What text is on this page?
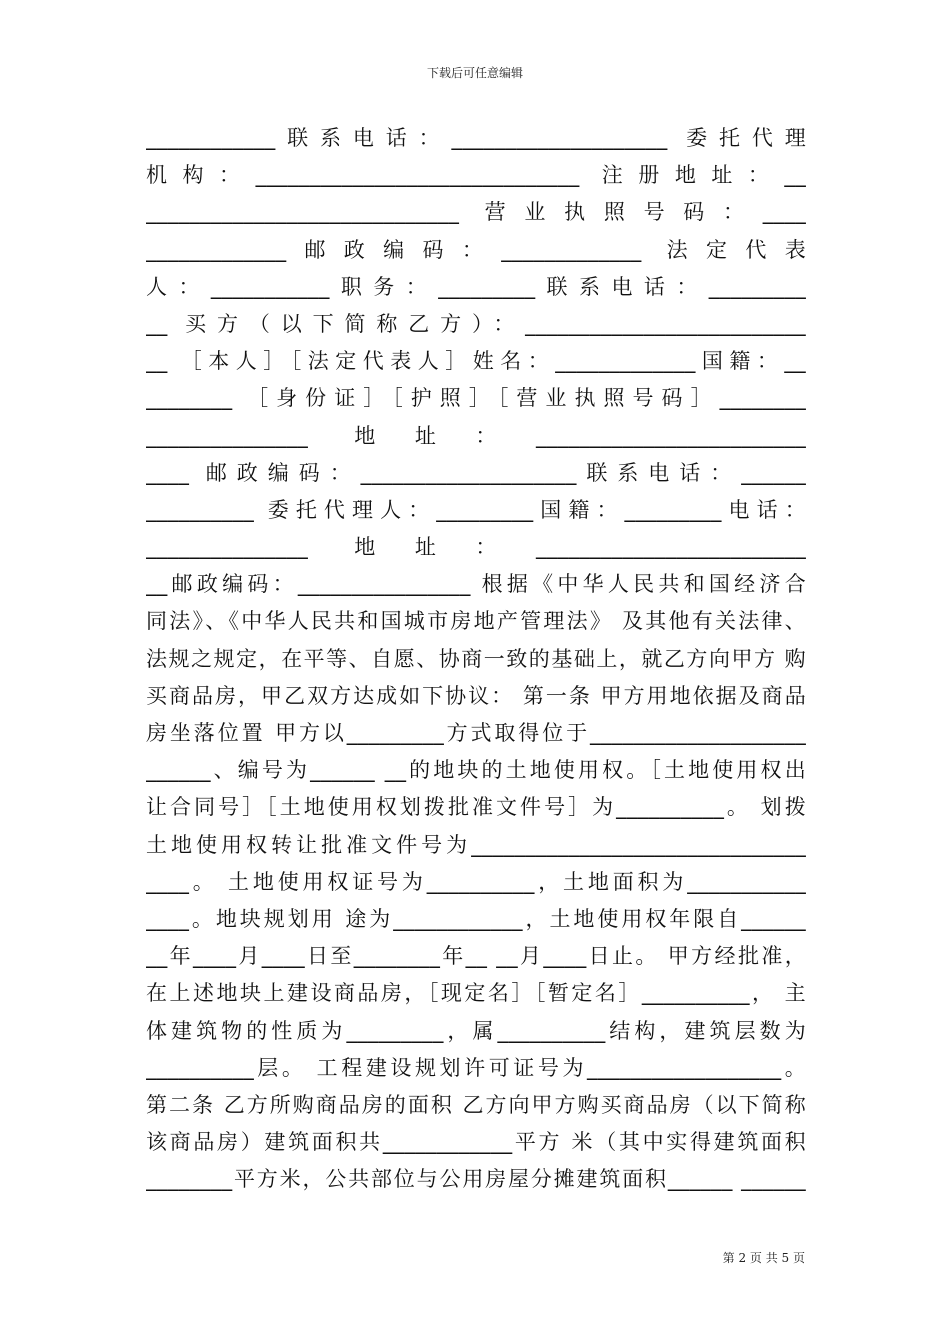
下载后可任意编辑
____________联系电话：____________________ 委托代理
机构：______________________________ 注册地址：__
_____________________________ 营业执照号码：____
_____________邮政编码：_____________ 法定代表
人：___________职务：_________联系电话：_________
__ 买方（以下简称乙方）：__________________________
__ ［本人］［法定代表人］姓名：_____________国籍：__
________ ［身份证］［护照］［营业执照号码］________
_______________ 地址：_________________________
____ 邮政编码：____________________联系电话：______
__________ 委托代理人：_________国籍：_________电话：
_______________ 地址：_________________________
__邮政编码：________________ 根据《中华人民共和国经济合
同法》、《中华人民共和国城市房地产管理法》 及其他有关法律、
法规之规定，在平等、自愿、协商一致的基础上，就乙方向甲方 购
买商品房，甲乙双方达成如下协议： 第一条 甲方用地依据及商品
房坐落位置 甲方以_________方式取得位于____________________
______、编号为______ __的地块的土地使用权。［土地使用权出
让合同号］［土地使用权划拨批准文件号］为__________。 划拨
土地使用权转让批准文件号为_______________________________
____。 土地使用权证号为__________，土地面积为___________
____。地块规划用 途为____________，土地使用权年限自______
__年____月____日至________年__ __月____日止。 甲方经批准，
在上述地块上建设商品房，［现定名］［暂定名］__________， 主
体建筑物的性质为_________，属__________结构，建筑层数为
__________层。 工程建设规划许可证号为__________________。
第二条 乙方所购商品房的面积 乙方向甲方购买商品房（以下简称
该商品房）建筑面积共____________平方 米（其中实得建筑面积
________平方米，公共部位与公用房屋分摊建筑面积______ ______
第 2 页 共 5 页
